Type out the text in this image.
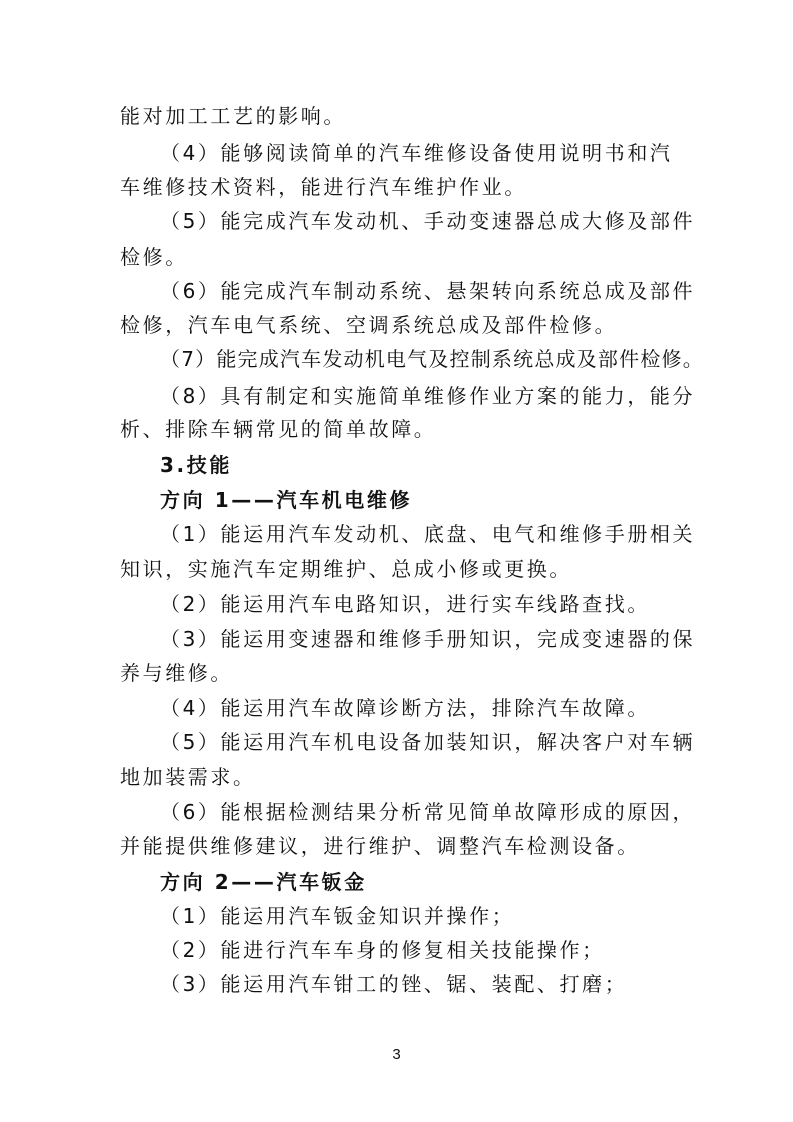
能对加工工艺的影响。
（4）能够阅读简单的汽车维修设备使用说明书和汽
车维修技术资料，能进行汽车维护作业。
（5）能完成汽车发动机、手动变速器总成大修及部件
检修。
（6）能完成汽车制动系统、悬架转向系统总成及部件
检修，汽车电气系统、空调系统总成及部件检修。
（7）能完成汽车发动机电气及控制系统总成及部件检修。
（8）具有制定和实施简单维修作业方案的能力，能分
析、排除车辆常见的简单故障。
3.技能
方向 1——汽车机电维修
（1）能运用汽车发动机、底盘、电气和维修手册相关
知识，实施汽车定期维护、总成小修或更换。
（2）能运用汽车电路知识，进行实车线路查找。
（3）能运用变速器和维修手册知识，完成变速器的保
养与维修。
（4）能运用汽车故障诊断方法，排除汽车故障。
（5）能运用汽车机电设备加装知识，解决客户对车辆
地加装需求。
（6）能根据检测结果分析常见简单故障形成的原因，
并能提供维修建议，进行维护、调整汽车检测设备。
方向 2——汽车钣金
（1）能运用汽车钣金知识并操作；
（2）能进行汽车车身的修复相关技能操作；
（3）能运用汽车钳工的锉、锯、装配、打磨；
3
